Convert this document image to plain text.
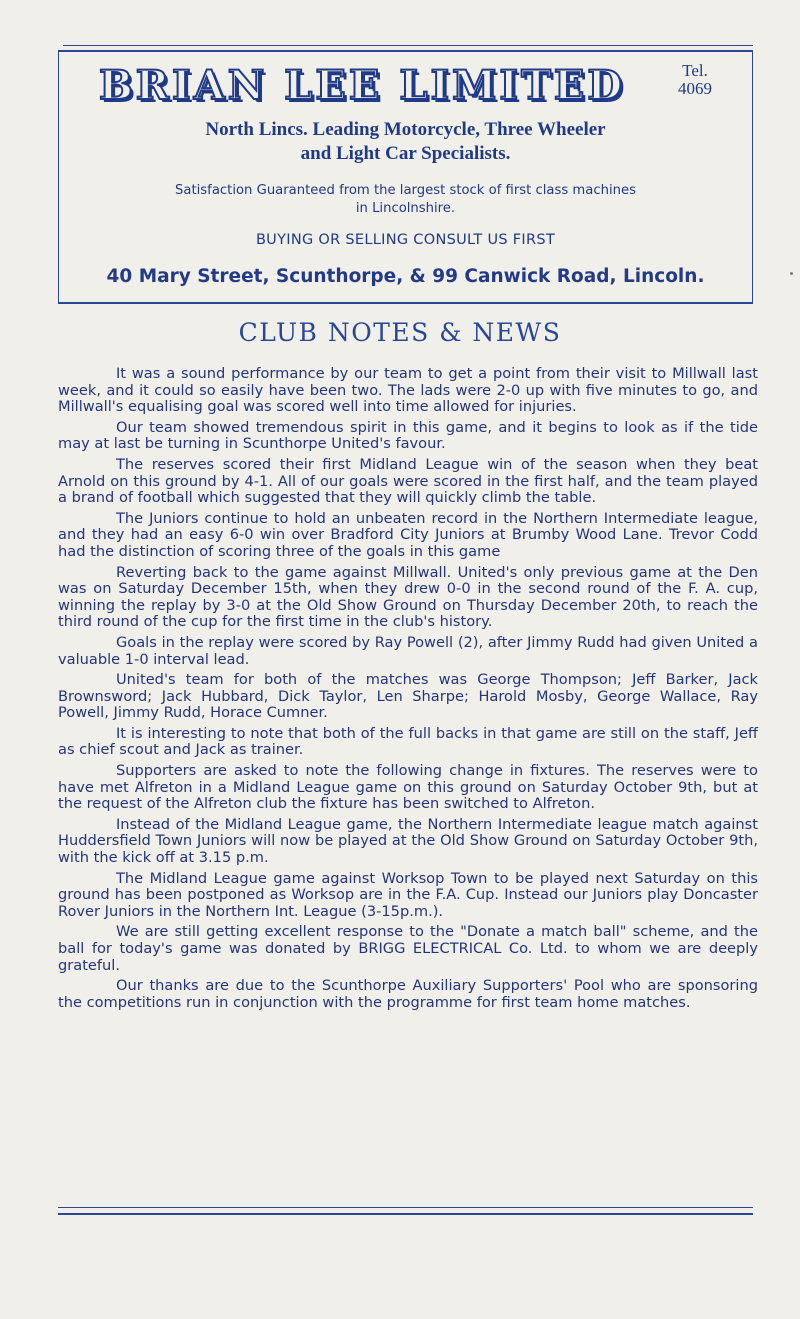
BRIAN LEE LIMITED	Tel.
4069
North Lincs. Leading Motorcycle, Three Wheeler
and Light Car Specialists.
Satisfaction Guaranteed from the largest stock of first class machines
in Lincolnshire.
BUYING OR SELLING CONSULT US FIRST
40 Mary Street, Scunthorpe, & 99 Canwick Road, Lincoln.
CLUB NOTES & NEWS

It was a sound performance by our team to get a point from their visit to Millwall last week, and it could so easily have been two. The lads were 2-0 up with five minutes to go, and Millwall's equalising goal was scored well into time allowed for injuries.

Our team showed tremendous spirit in this game, and it begins to look as if the tide may at last be turning in Scunthorpe United's favour.

The reserves scored their first Midland League win of the season when they beat Arnold on this ground by 4-1. All of our goals were scored in the first half, and the team played a brand of football which suggested that they will quickly climb the table.

The Juniors continue to hold an unbeaten record in the Northern Intermediate league, and they had an easy 6-0 win over Bradford City Juniors at Brumby Wood Lane. Trevor Codd had the distinction of scoring three of the goals in this game

Reverting back to the game against Millwall. United's only previous game at the Den was on Saturday December 15th, when they drew 0-0 in the second round of the F. A. cup, winning the replay by 3-0 at the Old Show Ground on Thursday December 20th, to reach the third round of the cup for the first time in the club's history.

Goals in the replay were scored by Ray Powell (2), after Jimmy Rudd had given United a valuable 1-0 interval lead.

United's team for both of the matches was George Thompson; Jeff Barker, Jack Brownsword; Jack Hubbard, Dick Taylor, Len Sharpe; Harold Mosby, George Wallace, Ray Powell, Jimmy Rudd, Horace Cumner.

It is interesting to note that both of the full backs in that game are still on the staff, Jeff as chief scout and Jack as trainer.

Supporters are asked to note the following change in fixtures. The reserves were to have met Alfreton in a Midland League game on this ground on Saturday October 9th, but at the request of the Alfreton club the fixture has been switched to Alfreton.

Instead of the Midland League game, the Northern Intermediate league match against Huddersfield Town Juniors will now be played at the Old Show Ground on Saturday October 9th, with the kick off at 3.15 p.m.

The Midland League game against Worksop Town to be played next Saturday on this ground has been postponed as Worksop are in the F.A. Cup. Instead our Juniors play Doncaster Rover Juniors in the Northern Int. League (3-15p.m.).

We are still getting excellent response to the "Donate a match ball" scheme, and the ball for today's game was donated by BRIGG ELECTRICAL Co. Ltd. to whom we are deeply grateful.

Our thanks are due to the Scunthorpe Auxiliary Supporters' Pool who are sponsoring the competitions run in conjunction with the programme for first team home matches.
